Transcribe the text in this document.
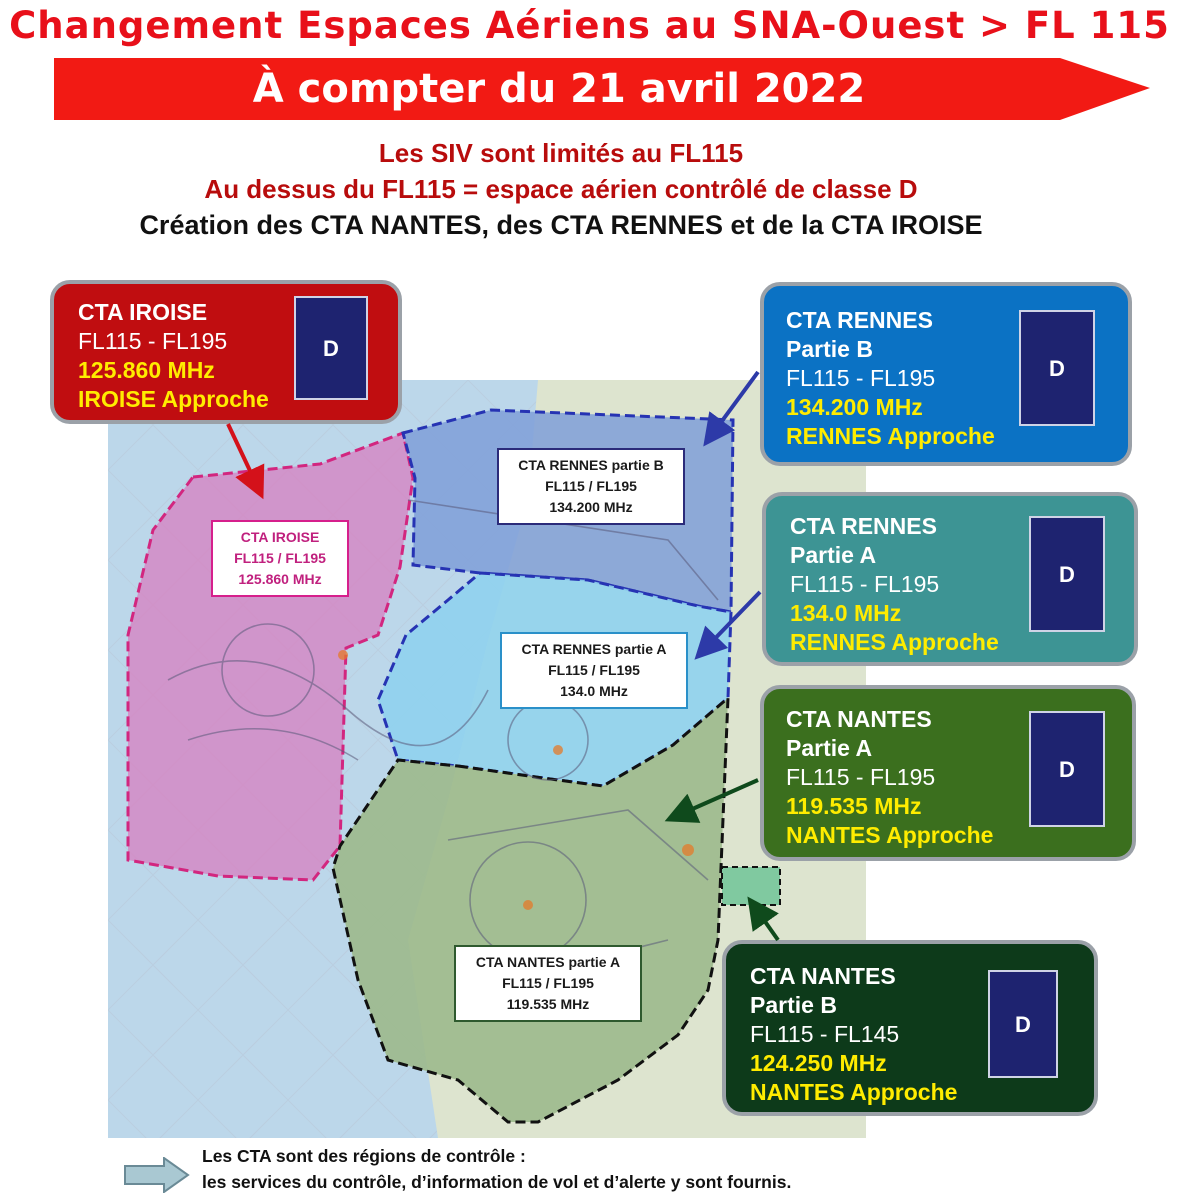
Changement Espaces Aériens au SNA-Ouest > FL 115
À compter du 21 avril 2022

Les SIV sont limités au FL115

Au dessus du FL115 = espace aérien contrôlé de classe D

Création des CTA NANTES, des CTA RENNES et de la CTA IROISE

CTA IROISE
FL115 / FL195
125.860 MHz
CTA RENNES partie B
FL115 / FL195
134.200 MHz
CTA RENNES partie A
FL115 / FL195
134.0 MHz
CTA NANTES partie A
FL115 / FL195
119.535 MHz
CTA IROISE
FL115 - FL195
125.860 MHz
IROISE Approche
D
CTA RENNES
Partie B
FL115 - FL195
134.200 MHz
RENNES Approche
D
CTA RENNES
Partie A
FL115 - FL195
134.0 MHz
RENNES Approche
D
CTA NANTES
Partie A
FL115 - FL195
119.535 MHz
NANTES Approche
D
CTA NANTES
Partie B
FL115 - FL145
124.250 MHz
NANTES Approche
D
Les CTA sont des régions de contrôle :
les services du contrôle, d’information de vol et d’alerte y sont fournis.
